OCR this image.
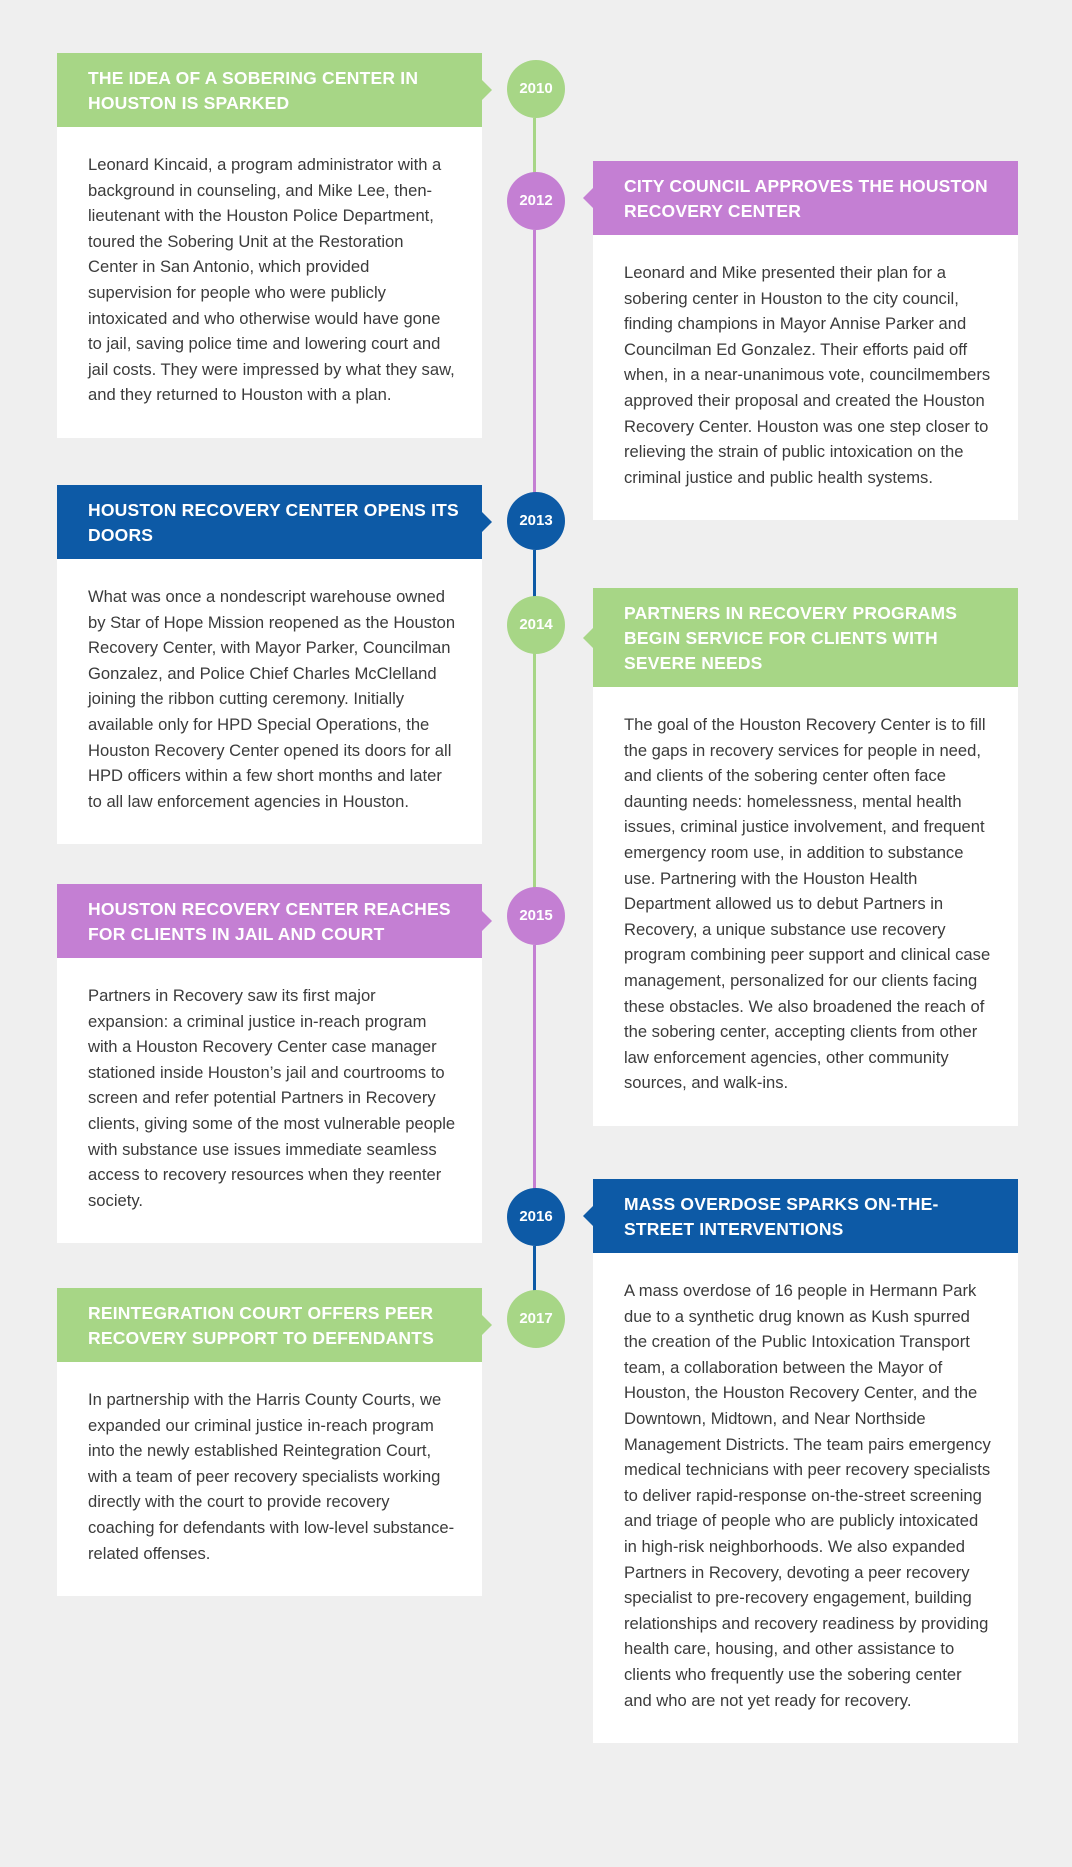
2010
2012
2013
2014
2015
2016
2017
THE IDEA OF A SOBERING CENTER IN HOUSTON IS SPARKED
Leonard Kincaid, a program administrator with a background in counseling, and Mike Lee, then-lieutenant with the Houston Police Department, toured the Sobering Unit at the Restoration Center in San Antonio, which provided supervision for people who were publicly intoxicated and who otherwise would have gone to jail, saving police time and lowering court and jail costs. They were impressed by what they saw, and they returned to Houston with a plan.
CITY COUNCIL APPROVES THE HOUSTON RECOVERY CENTER
Leonard and Mike presented their plan for a sobering center in Houston to the city council, finding champions in Mayor Annise Parker and Councilman Ed Gonzalez. Their efforts paid off when, in a near-unanimous vote, councilmembers approved their proposal and created the Houston Recovery Center. Houston was one step closer to relieving the strain of public intoxication on the criminal justice and public health systems.
HOUSTON RECOVERY CENTER OPENS ITS DOORS
What was once a nondescript warehouse owned by Star of Hope Mission reopened as the Houston Recovery Center, with Mayor Parker, Councilman Gonzalez, and Police Chief Charles McClelland joining the ribbon cutting ceremony. Initially available only for HPD Special Operations, the Houston Recovery Center opened its doors for all HPD officers within a few short months and later to all law enforcement agencies in Houston.
PARTNERS IN RECOVERY PROGRAMS BEGIN SERVICE FOR CLIENTS WITH SEVERE NEEDS
The goal of the Houston Recovery Center is to fill the gaps in recovery services for people in need, and clients of the sobering center often face daunting needs: homelessness, mental health issues, criminal justice involvement, and frequent emergency room use, in addition to substance use. Partnering with the Houston Health Department allowed us to debut Partners in Recovery, a unique substance use recovery program combining peer support and clinical case management, personalized for our clients facing these obstacles. We also broadened the reach of the sobering center, accepting clients from other law enforcement agencies, other community sources, and walk-ins.
HOUSTON RECOVERY CENTER REACHES FOR CLIENTS IN JAIL AND COURT
Partners in Recovery saw its first major expansion: a criminal justice in-reach program with a Houston Recovery Center case manager stationed inside Houston’s jail and courtrooms to screen and refer potential Partners in Recovery clients, giving some of the most vulnerable people with substance use issues immediate seamless access to recovery resources when they reenter society.	MASS OVERDOSE SPARKS ON-THE-STREET INTERVENTIONS
A mass overdose of 16 people in Hermann Park due to a synthetic drug known as Kush spurred the creation of the Public Intoxication Transport team, a collaboration between the Mayor of Houston, the Houston Recovery Center, and the Downtown, Midtown, and Near Northside Management Districts. The team pairs emergency medical technicians with peer recovery specialists to deliver rapid-response on-the-street screening and triage of people who are publicly intoxicated in high-risk neighborhoods. We also expanded Partners in Recovery, devoting a peer recovery specialist to pre-recovery engagement, building relationships and recovery readiness by providing health care, housing, and other assistance to clients who frequently use the sobering center and who are not yet ready for recovery.
REINTEGRATION COURT OFFERS PEER RECOVERY SUPPORT TO DEFENDANTS
In partnership with the Harris County Courts, we expanded our criminal justice in-reach program into the newly established Reintegration Court, with a team of peer recovery specialists working directly with the court to provide recovery coaching for defendants with low-level substance-related offenses.
